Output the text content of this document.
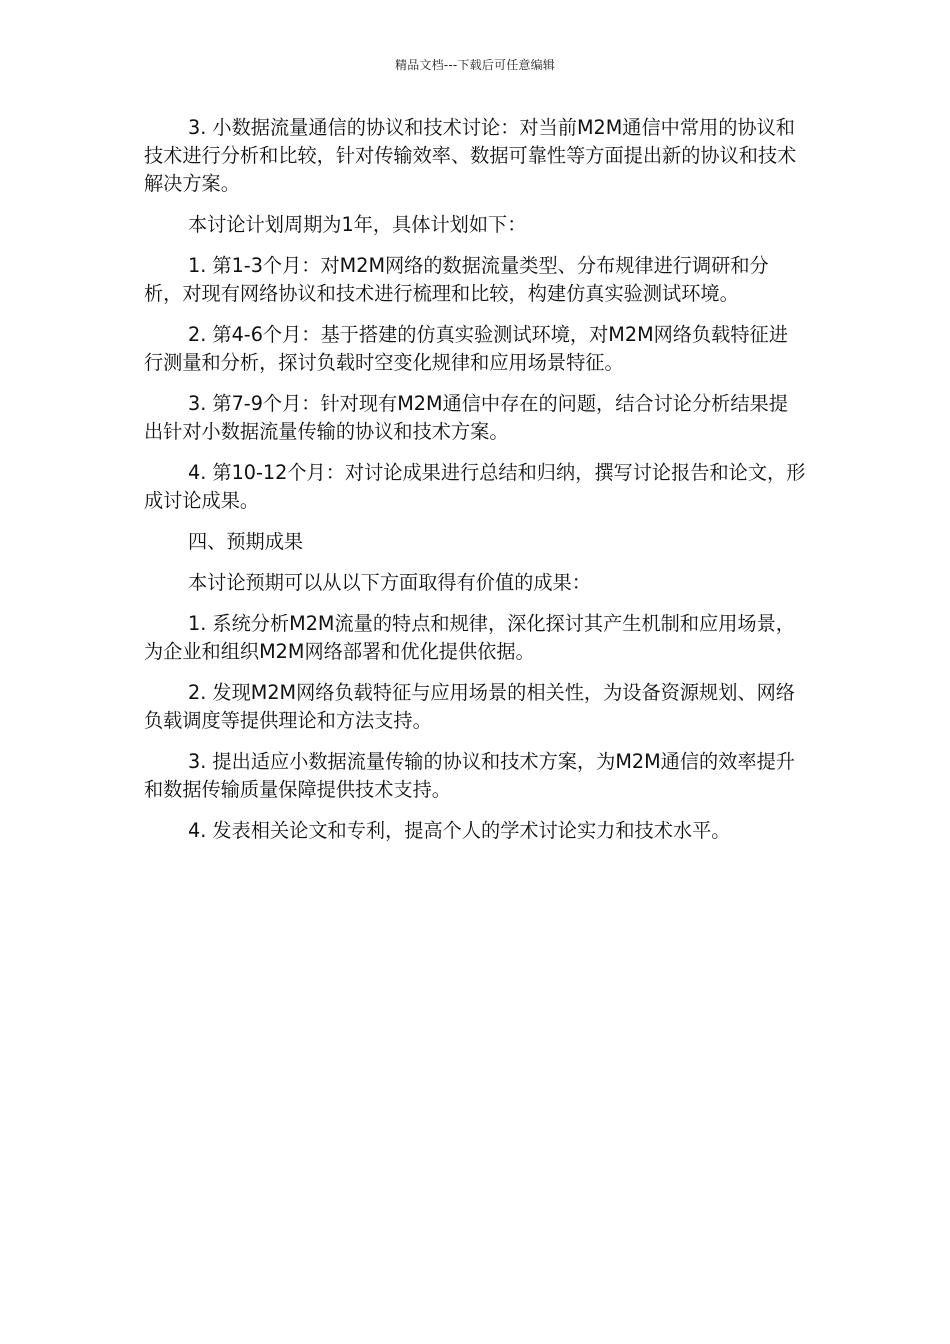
精品文档---下载后可任意编辑

3. 小数据流量通信的协议和技术讨论：对当前M2M通信中常用的协议和技术进行分析和比较，针对传输效率、数据可靠性等方面提出新的协议和技术解决方案。

本讨论计划周期为1年，具体计划如下：

1. 第1-3个月：对M2M网络的数据流量类型、分布规律进行调研和分析，对现有网络协议和技术进行梳理和比较，构建仿真实验测试环境。

2. 第4-6个月：基于搭建的仿真实验测试环境，对M2M网络负载特征进行测量和分析，探讨负载时空变化规律和应用场景特征。

3. 第7-9个月：针对现有M2M通信中存在的问题，结合讨论分析结果提出针对小数据流量传输的协议和技术方案。

4. 第10-12个月：对讨论成果进行总结和归纳，撰写讨论报告和论文，形成讨论成果。

四、预期成果

本讨论预期可以从以下方面取得有价值的成果：

1. 系统分析M2M流量的特点和规律，深化探讨其产生机制和应用场景，为企业和组织M2M网络部署和优化提供依据。

2. 发现M2M网络负载特征与应用场景的相关性，为设备资源规划、网络负载调度等提供理论和方法支持。

3. 提出适应小数据流量传输的协议和技术方案，为M2M通信的效率提升和数据传输质量保障提供技术支持。

4. 发表相关论文和专利，提高个人的学术讨论实力和技术水平。
